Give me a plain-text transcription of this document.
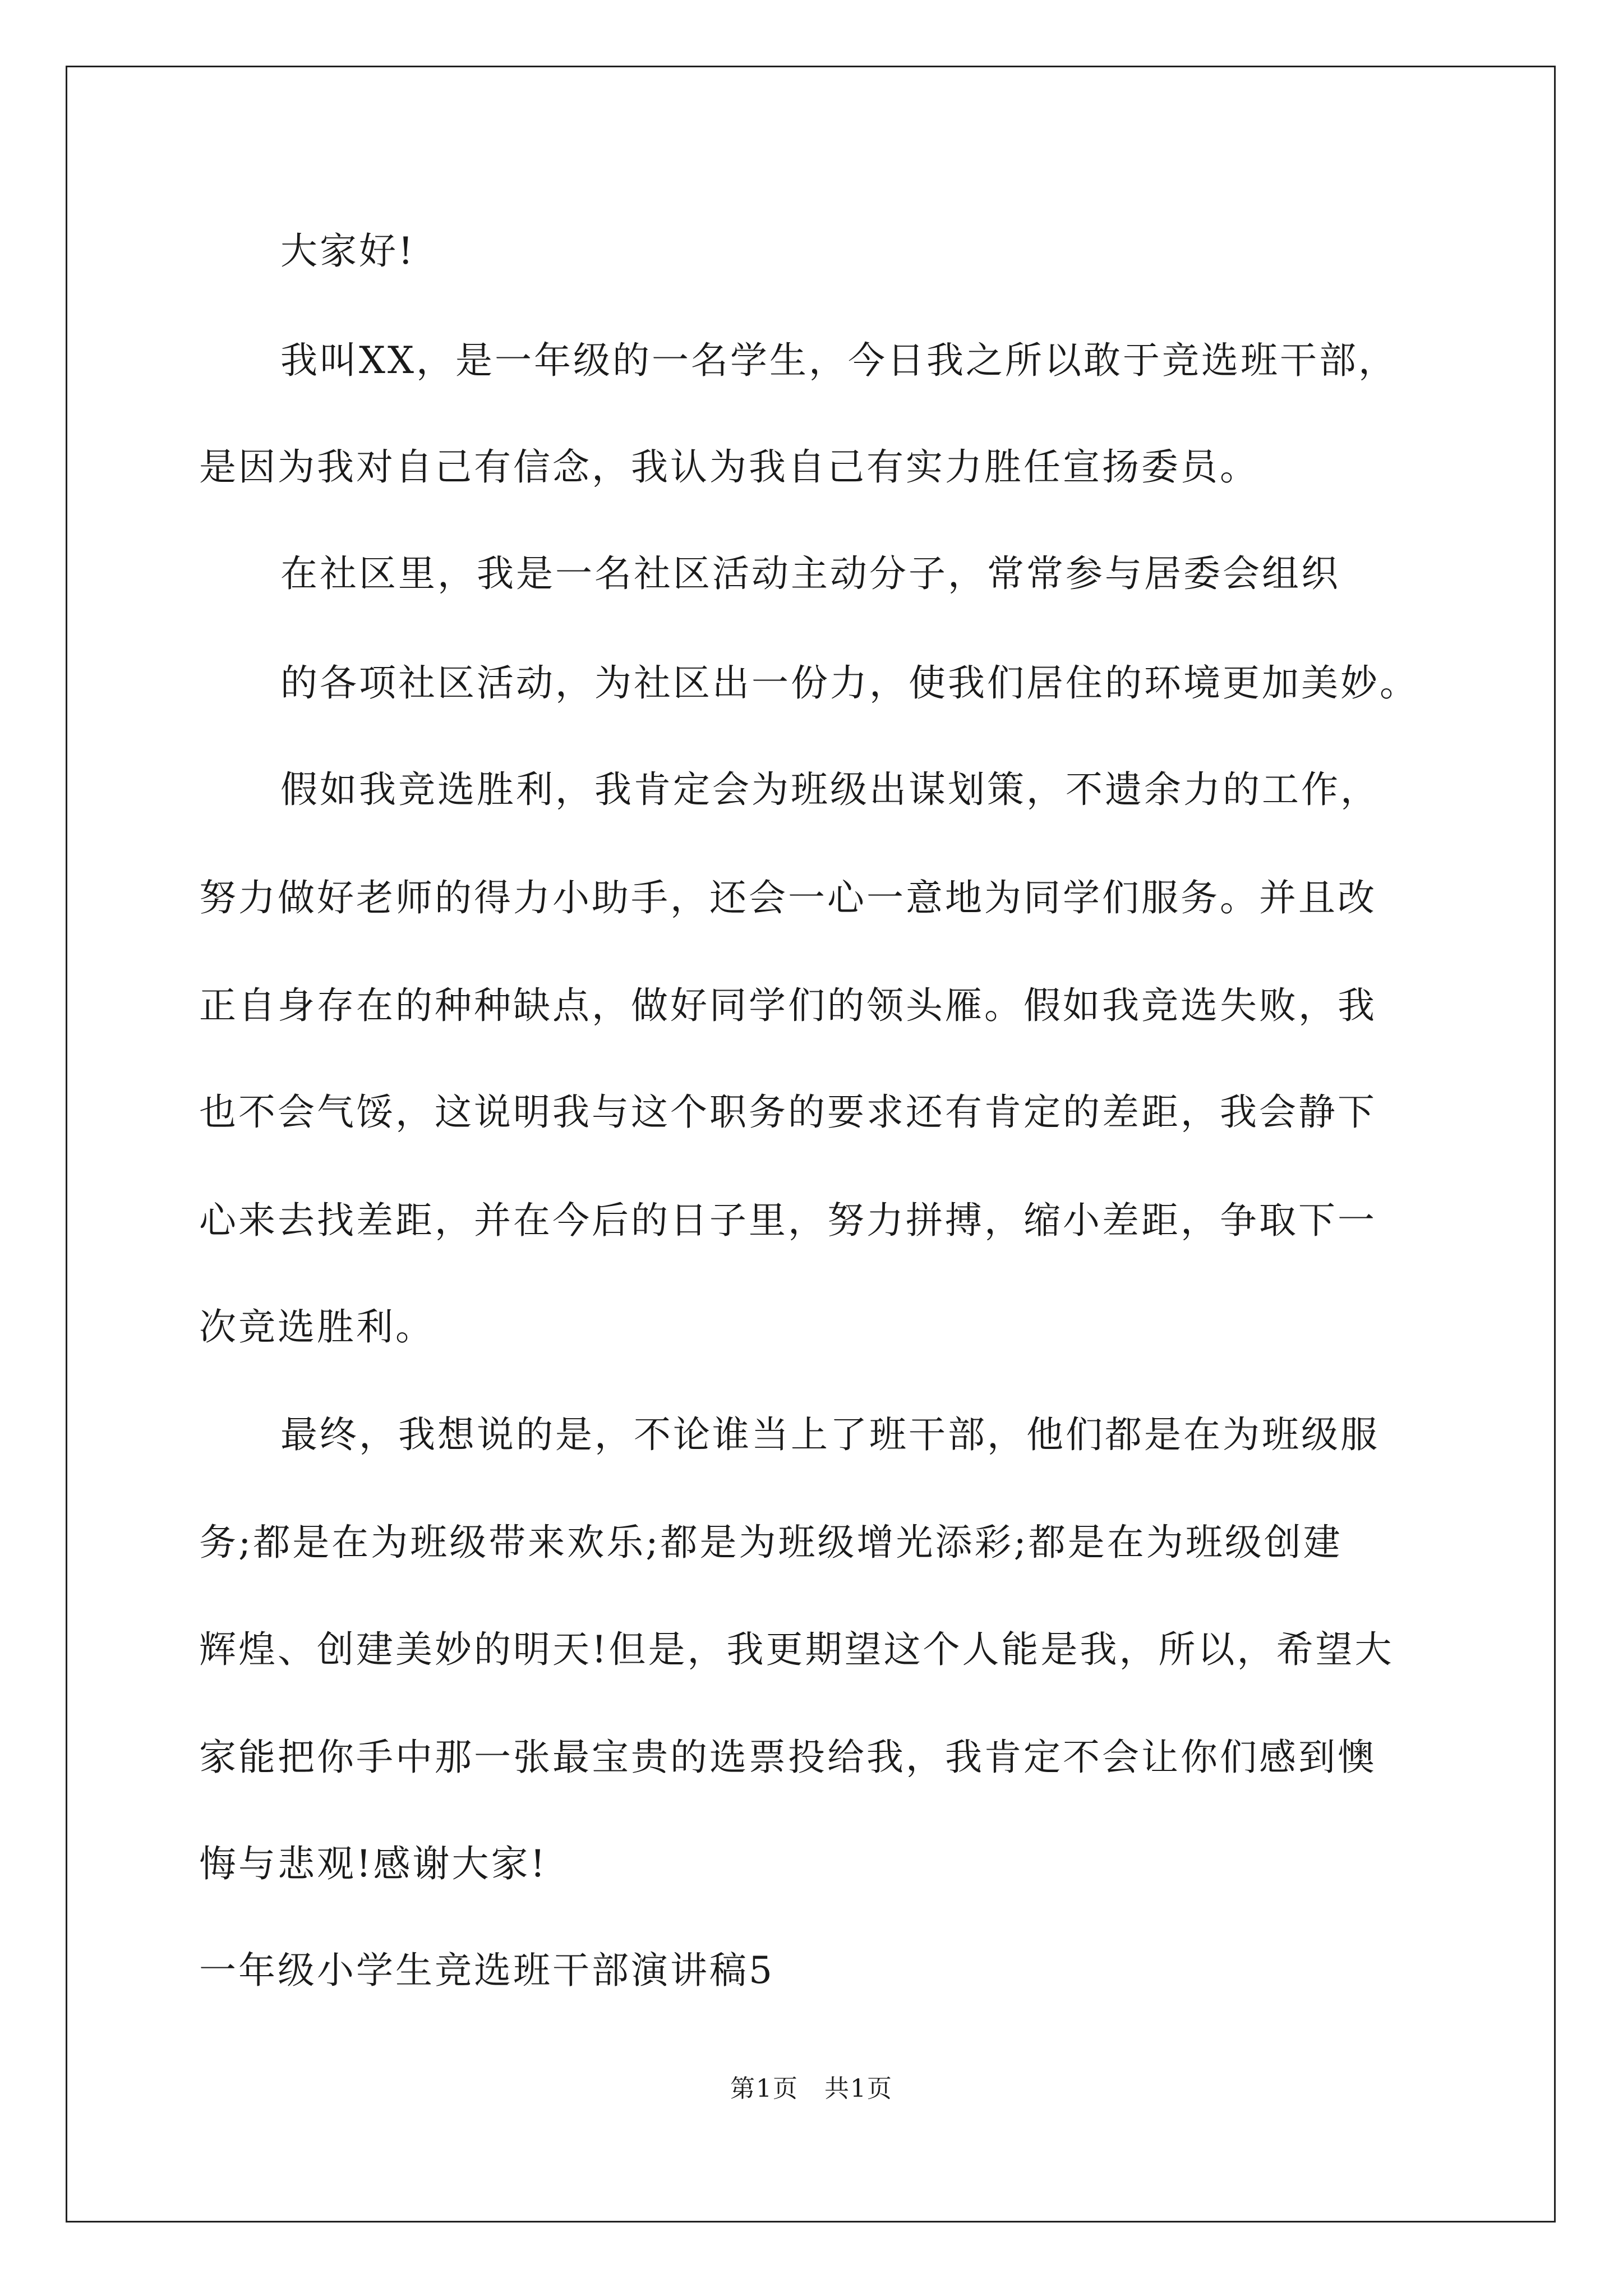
大家好!
我叫XX，是一年级的一名学生，今日我之所以敢于竞选班干部，
是因为我对自己有信念，我认为我自己有实力胜任宣扬委员。
在社区里，我是一名社区活动主动分子，常常参与居委会组织
的各项社区活动，为社区出一份力，使我们居住的环境更加美妙。
假如我竞选胜利，我肯定会为班级出谋划策，不遗余力的工作，
努力做好老师的得力小助手，还会一心一意地为同学们服务。并且改
正自身存在的种种缺点，做好同学们的领头雁。假如我竞选失败，我
也不会气馁，这说明我与这个职务的要求还有肯定的差距，我会静下
心来去找差距，并在今后的日子里，努力拼搏，缩小差距，争取下一
次竞选胜利。
最终，我想说的是，不论谁当上了班干部，他们都是在为班级服
务;都是在为班级带来欢乐;都是为班级增光添彩;都是在为班级创建
辉煌、创建美妙的明天!但是，我更期望这个人能是我，所以，希望大
家能把你手中那一张最宝贵的选票投给我，我肯定不会让你们感到懊
悔与悲观!感谢大家!
一年级小学生竞选班干部演讲稿5
第1页　共1页
